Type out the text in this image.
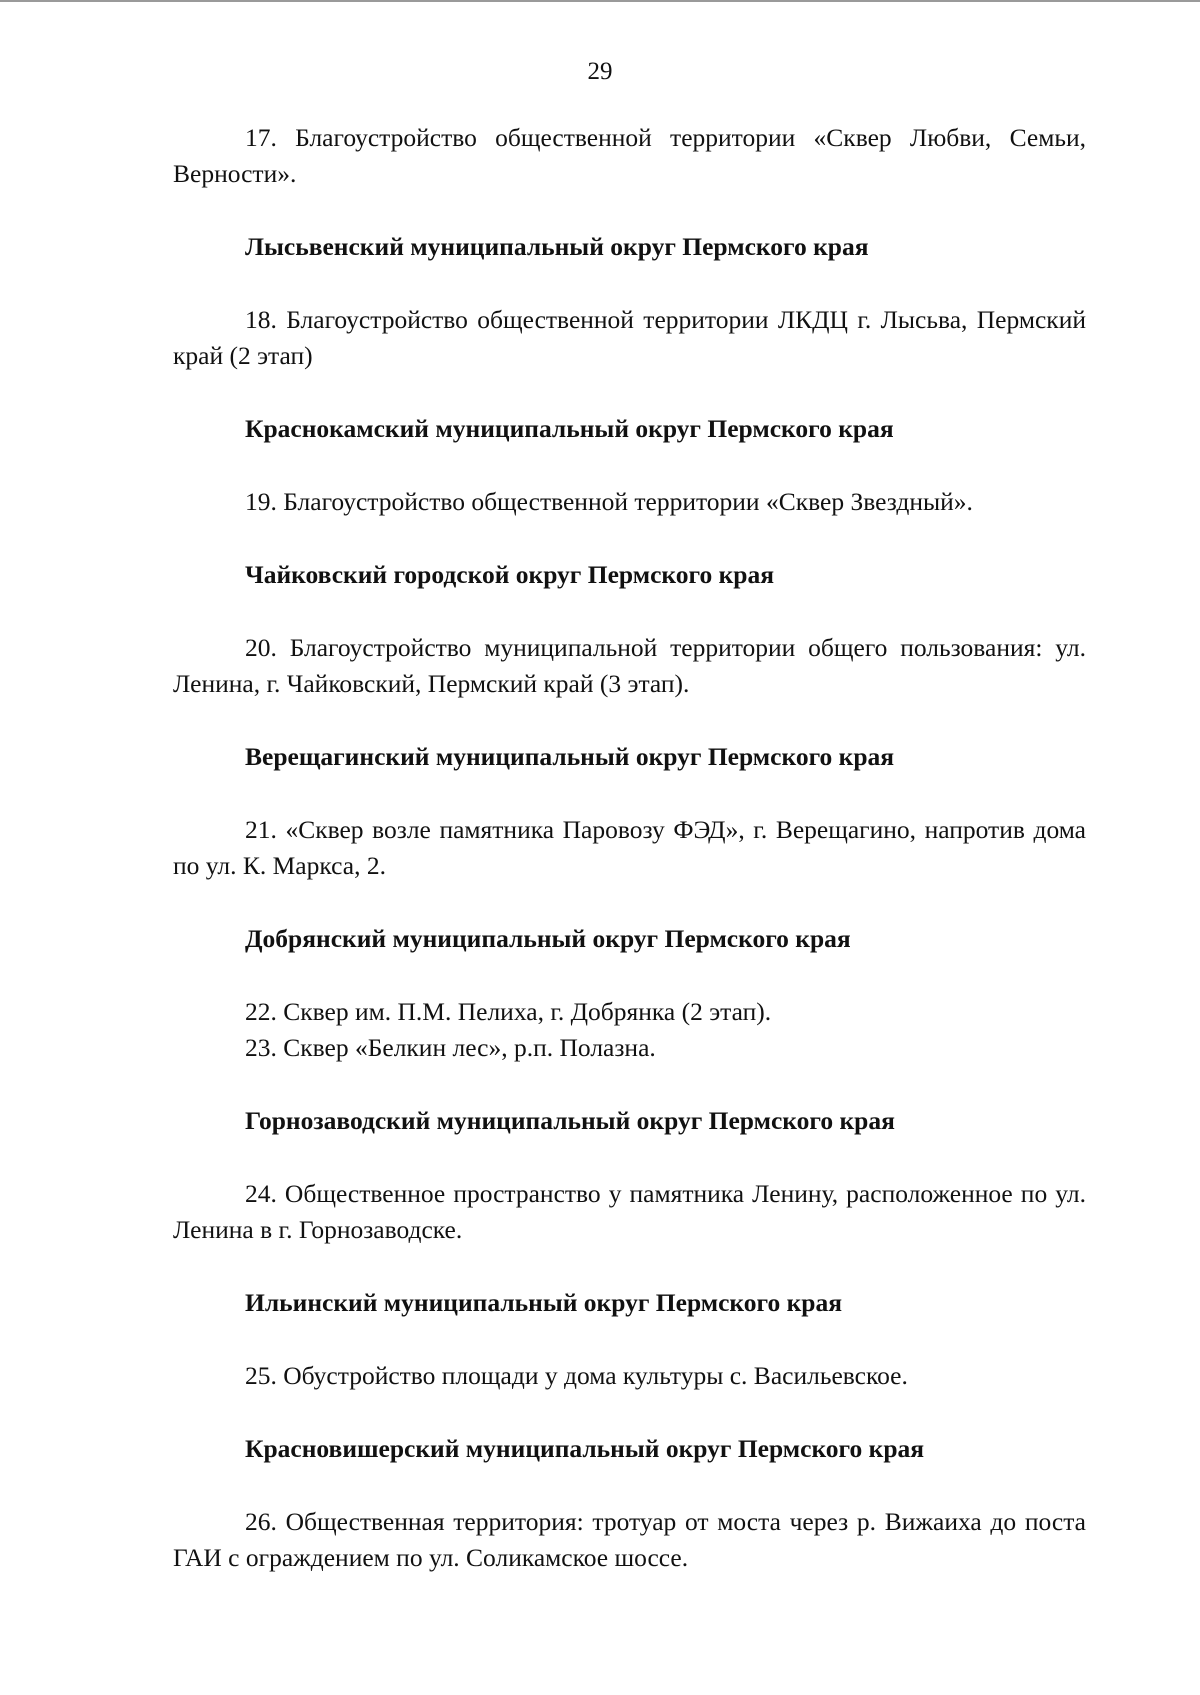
29

17. Благоустройство общественной территории «Сквер Любви, Семьи, Верности».

Лысьвенский муниципальный округ Пермского края

18. Благоустройство общественной территории ЛКДЦ г. Лысьва, Пермский край (2 этап)

Краснокамский муниципальный округ Пермского края

19. Благоустройство общественной территории «Сквер Звездный».

Чайковский городской округ Пермского края

20. Благоустройство муниципальной территории общего пользования: ул. Ленина, г. Чайковский, Пермский край (3 этап).

Верещагинский муниципальный округ Пермского края

21. «Сквер возле памятника Паровозу ФЭД», г. Верещагино, напротив дома по ул. К. Маркса, 2.

Добрянский муниципальный округ Пермского края

22. Сквер им. П.М. Пелиха, г. Добрянка (2 этап).

23. Сквер «Белкин лес», р.п. Полазна.

Горнозаводский муниципальный округ Пермского края

24. Общественное пространство у памятника Ленину, расположенное по ул. Ленина в г. Горнозаводске.

Ильинский муниципальный округ Пермского края

25. Обустройство площади у дома культуры с. Васильевское.

Красновишерский муниципальный округ Пермского края

26. Общественная территория: тротуар от моста через р. Вижаиха до поста ГАИ с ограждением по ул. Соликамское шоссе.
